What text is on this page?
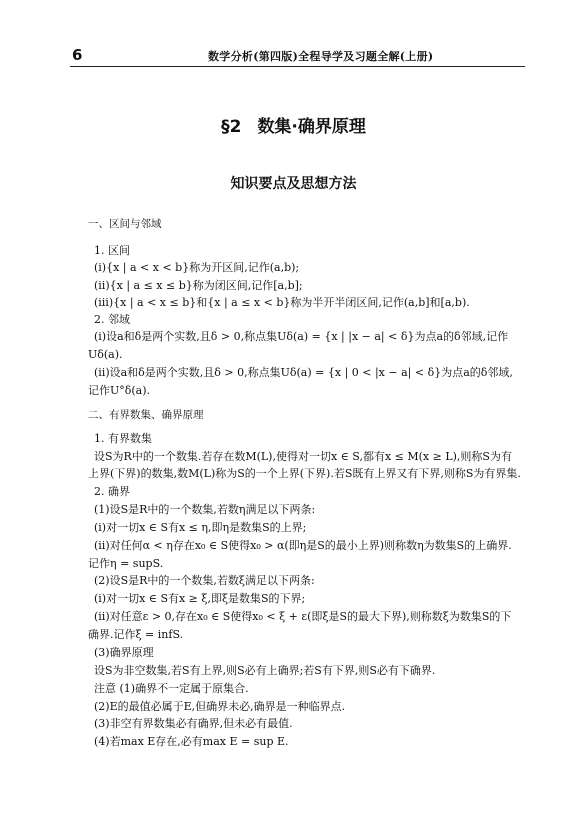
6	数学分析(第四版)全程导学及习题全解(上册)
§2 数集·确界原理
知识要点及思想方法
一、区间与邻域
1. 区间
(ⅰ){x | a < x < b}称为开区间,记作(a,b);
(ⅱ){x | a ≤ x ≤ b}称为闭区间,记作[a,b];
(ⅲ){x | a < x ≤ b}和{x | a ≤ x < b}称为半开半闭区间,记作(a,b]和[a,b).
2. 邻域
(ⅰ)设a和δ是两个实数,且δ > 0,称点集Uδ(a) = {x | |x − a| < δ}为点a的δ邻域,记作
Uδ(a).
(ⅱ)设a和δ是两个实数,且δ > 0,称点集Uδ(a) = {x | 0 < |x − a| < δ}为点a的δ邻域,
记作U°δ(a).
二、有界数集、确界原理
1. 有界数集
设S为R中的一个数集.若存在数M(L),使得对一切x ∈ S,都有x ≤ M(x ≥ L),则称S为有
上界(下界)的数集,数M(L)称为S的一个上界(下界).若S既有上界又有下界,则称S为有界集.
2. 确界
(1)设S是R中的一个数集,若数η满足以下两条:
(ⅰ)对一切x ∈ S有x ≤ η,即η是数集S的上界;
(ⅱ)对任何α < η存在x₀ ∈ S使得x₀ > α(即η是S的最小上界)则称数η为数集S的上确界.
记作η = supS.
(2)设S是R中的一个数集,若数ξ满足以下两条:
(ⅰ)对一切x ∈ S有x ≥ ξ,即ξ是数集S的下界;
(ⅱ)对任意ε > 0,存在x₀ ∈ S使得x₀ < ξ + ε(即ξ是S的最大下界),则称数ξ为数集S的下
确界.记作ξ = infS.
(3)确界原理
设S为非空数集,若S有上界,则S必有上确界;若S有下界,则S必有下确界.
注意 (1)确界不一定属于原集合.
(2)E的最值必属于E,但确界未必,确界是一种临界点.
(3)非空有界数集必有确界,但未必有最值.
(4)若max E存在,必有max E = sup E.
